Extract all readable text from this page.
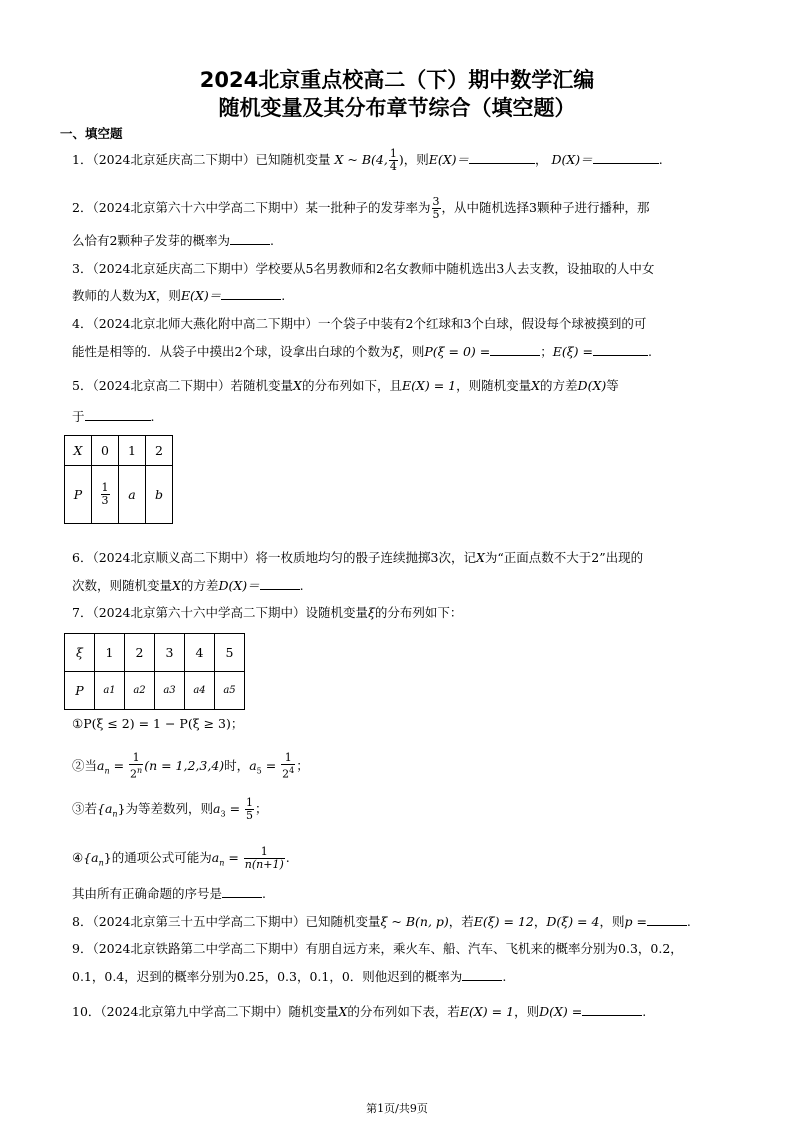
2024北京重点校高二（下）期中数学汇编
随机变量及其分布章节综合（填空题）
一、填空题
1．（2024北京延庆高二下期中）已知随机变量 X ~ B(4, $\frac{1}{4}$ )，则E(X)＝	， D(X)＝	.
2．（2024北京第六十六中学高二下期中）某一批种子的发芽率为 $\frac{3}{5}$ ，从中随机选择3颗种子进行播种，那
么恰有2颗种子发芽的概率为	.
3．（2024北京延庆高二下期中）学校要从5名男教师和2名女教师中随机选出3人去支教，设抽取的人中女
教师的人数为X，则E(X)＝	.
4．（2024北京北师大燕化附中高二下期中）一个袋子中装有2个红球和3个白球，假设每个球被摸到的可
能性是相等的．从袋子中摸出2个球，设拿出白球的个数为ξ，则P(ξ = 0) =	；E(ξ) =	.
5．（2024北京高二下期中）若随机变量X的分布列如下，且E(X) = 1，则随机变量X的方差D(X)等
于	.
X	0	1	2
P	$\frac{1}{3}$	a	b
6．（2024北京顺义高二下期中）将一枚质地均匀的骰子连续抛掷3次，记X为“正面点数不大于2”出现的
次数，则随机变量X的方差D(X)＝	.
7．（2024北京第六十六中学高二下期中）设随机变量ξ的分布列如下：
ξ	1	2	3	4	5
P	a1	a2	a3	a4	a5
①P(ξ ≤ 2) = 1 − P(ξ ≥ 3)；
②当$a_n = \frac{1}{2^n} (n = 1,2,3,4)$时，$a_5 = \frac{1}{2^4}$ ；
③若$\{a_n\}$为等差数列，则$a_3 = \frac{1}{5}$ ；
$④\{a_n\}$的通项公式可能为$a_n = \frac{1}{n(n+1)}$ .
其由所有正确命题的序号是	.
8．（2024北京第三十五中学高二下期中）已知随机变量ξ ~ B(n, p)，若E(ξ) = 12，D(ξ) = 4，则p =	.
9．（2024北京铁路第二中学高二下期中）有朋自远方来，乘火车、船、汽车、飞机来的概率分别为0.3，0.2，
0.1，0.4，迟到的概率分别为0.25，0.3，0.1，0．则他迟到的概率为	.
10．（2024北京第九中学高二下期中）随机变量X的分布列如下表，若E(X) = 1，则D(X) =	.
第1页/共9页
